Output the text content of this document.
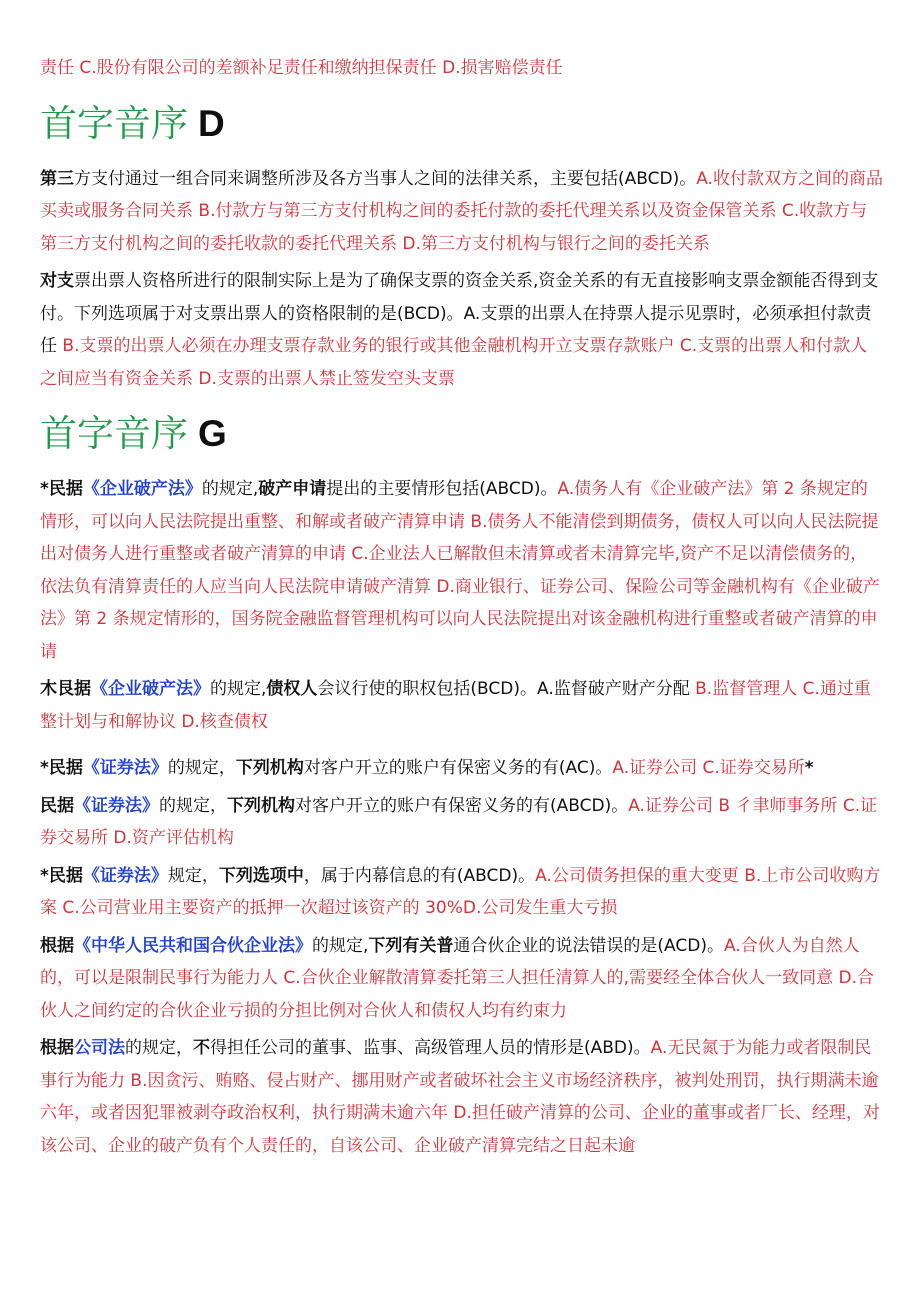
责任 C.股份有限公司的差额补足责任和缴纳担保责任 D.损害赔偿责任

首字音序 D

第三方支付通过一组合同来调整所涉及各方当事人之间的法律关系，主要包括(ABCD)。A.收付款双方之间的商品买卖或服务合同关系 B.付款方与第三方支付机构之间的委托付款的委托代理关系以及资金保管关系 C.收款方与第三方支付机构之间的委托收款的委托代理关系 D.第三方支付机构与银行之间的委托关系

对支票出票人资格所进行的限制实际上是为了确保支票的资金关系,资金关系的有无直接影响支票金额能否得到支付。下列选项属于对支票出票人的资格限制的是(BCD)。A.支票的出票人在持票人提示见票时，必须承担付款责任 B.支票的出票人必须在办理支票存款业务的银行或其他金融机构开立支票存款账户 C.支票的出票人和付款人之间应当有资金关系 D.支票的出票人禁止签发空头支票

首字音序 G

*民据《企业破产法》的规定,破产申请提出的主要情形包括(ABCD)。A.债务人有《企业破产法》第 2 条规定的情形，可以向人民法院提出重整、和解或者破产清算申请 B.债务人不能清偿到期债务，债权人可以向人民法院提出对债务人进行重整或者破产清算的申请 C.企业法人已解散但未清算或者未清算完毕,资产不足以清偿债务的，依法负有清算责任的人应当向人民法院申请破产清算 D.商业银行、证券公司、保险公司等金融机构有《企业破产法》第 2 条规定情形的，国务院金融监督管理机构可以向人民法院提出对该金融机构进行重整或者破产清算的申请

木艮据《企业破产法》的规定,债权人会议行使的职权包括(BCD)。A.监督破产财产分配 B.监督管理人 C.通过重整计划与和解协议 D.核查债权

*民据《证券法》的规定，下列机构对客户开立的账户有保密义务的有(AC)。A.证券公司 C.证券交易所*

民据《证券法》的规定，下列机构对客户开立的账户有保密义务的有(ABCD)。A.证券公司 B 彳聿师事务所 C.证券交易所 D.资产评估机构

*民据《证券法》规定，下列选项中，属于内幕信息的有(ABCD)。A.公司债务担保的重大变更 B.上市公司收购方案 C.公司营业用主要资产的抵押一次超过该资产的 30%D.公司发生重大亏损

根据《中华人民共和国合伙企业法》的规定,下列有关普通合伙企业的说法错误的是(ACD)。A.合伙人为自然人的，可以是限制民事行为能力人 C.合伙企业解散清算委托第三人担任清算人的,需要经全体合伙人一致同意 D.合伙人之间约定的合伙企业亏损的分担比例对合伙人和债权人均有约束力

根据公司法的规定，不得担任公司的董事、监事、高级管理人员的情形是(ABD)。A.无民氮于为能力或者限制民事行为能力 B.因贪污、贿赂、侵占财产、挪用财产或者破坏社会主义市场经济秩序，被判处刑罚，执行期满未逾六年，或者因犯罪被剥夺政治权利，执行期满未逾六年 D.担任破产清算的公司、企业的董事或者厂长、经理，对该公司、企业的破产负有个人责任的，自该公司、企业破产清算完结之日起未逾
